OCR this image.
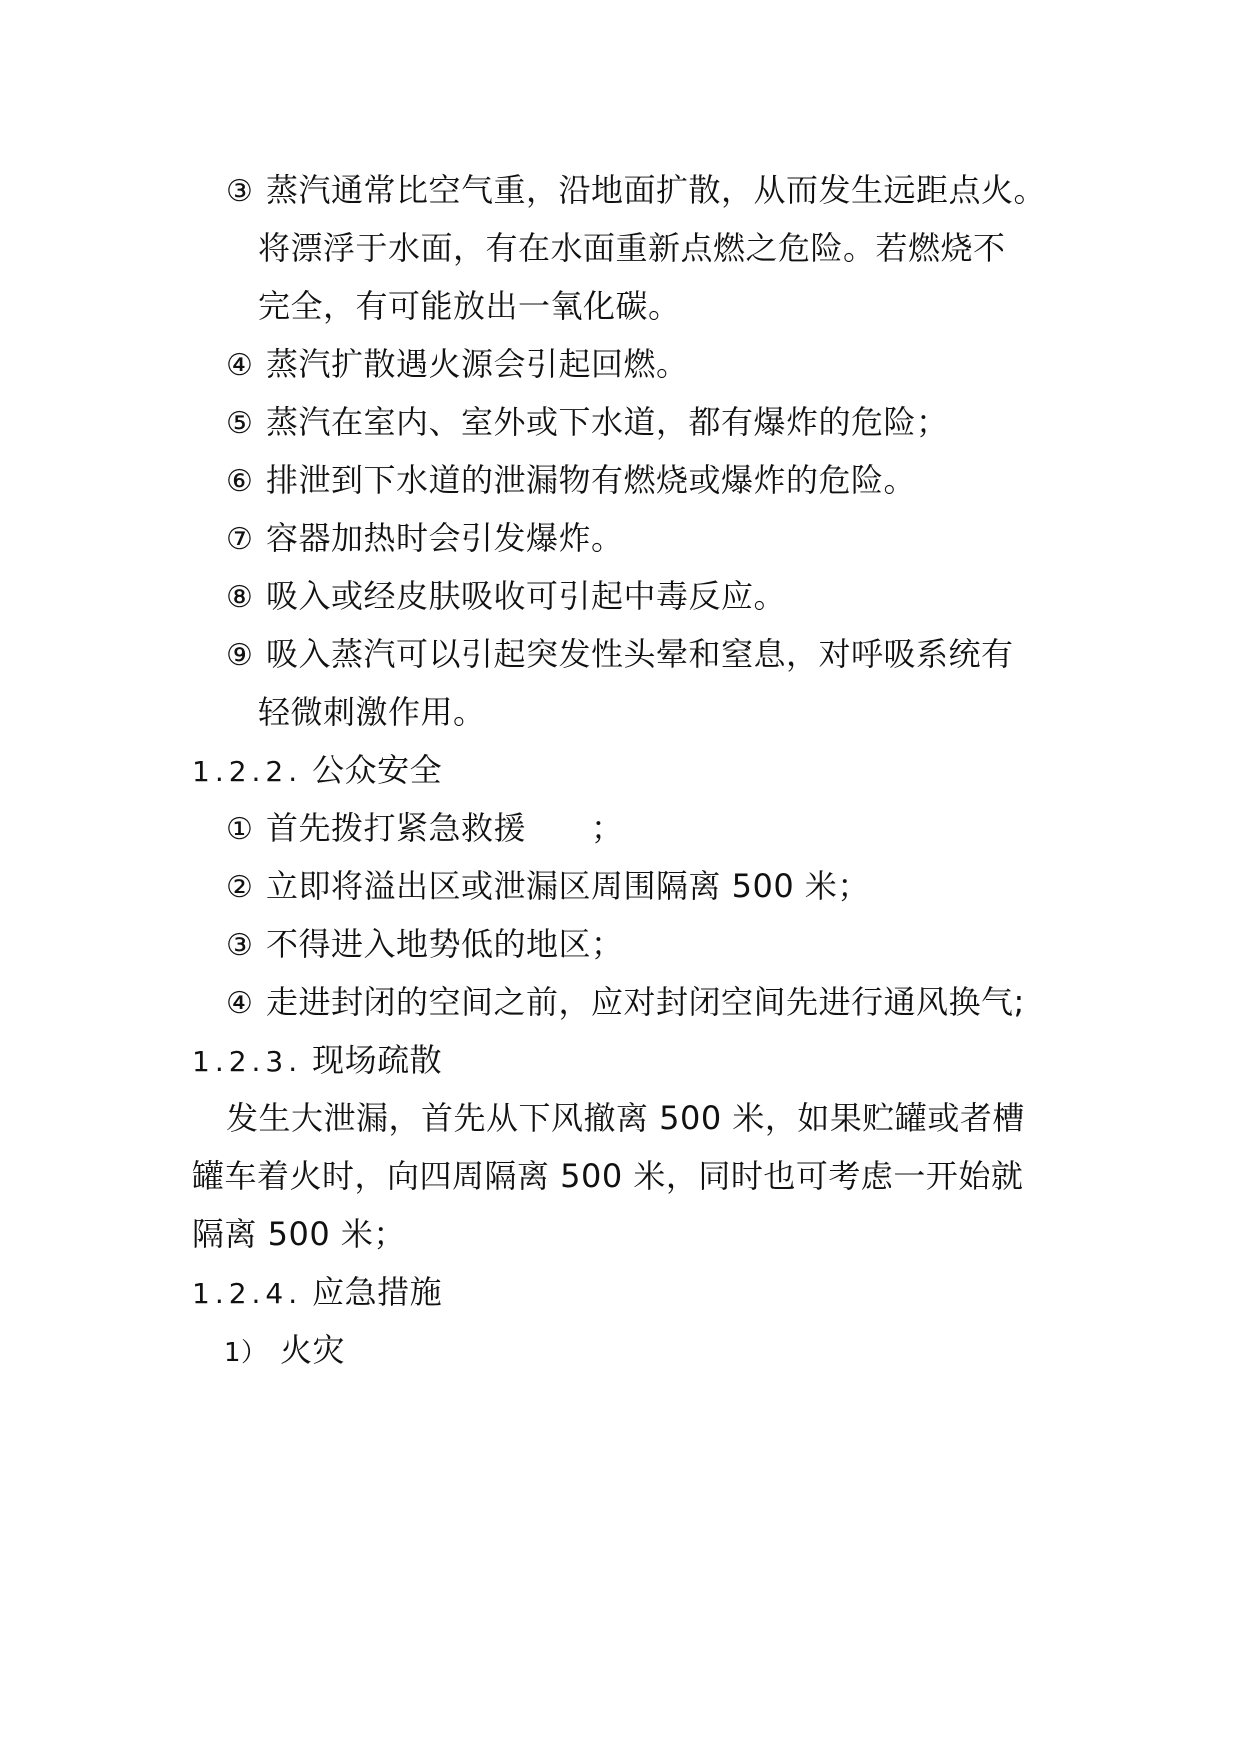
③ 蒸汽通常比空气重，沿地面扩散，从而发生远距点火。
将漂浮于水面，有在水面重新点燃之危险。若燃烧不
完全，有可能放出一氧化碳。
④ 蒸汽扩散遇火源会引起回燃。
⑤ 蒸汽在室内、室外或下水道，都有爆炸的危险；
⑥ 排泄到下水道的泄漏物有燃烧或爆炸的危险。
⑦ 容器加热时会引发爆炸。
⑧ 吸入或经皮肤吸收可引起中毒反应。
⑨ 吸入蒸汽可以引起突发性头晕和窒息，对呼吸系统有
轻微刺激作用。
1.2.2. 公众安全
① 首先拨打紧急救援　　；
② 立即将溢出区或泄漏区周围隔离 500 米；
③ 不得进入地势低的地区；
④ 走进封闭的空间之前，应对封闭空间先进行通风换气;
1.2.3. 现场疏散
发生大泄漏，首先从下风撤离 500 米，如果贮罐或者槽
罐车着火时，向四周隔离 500 米，同时也可考虑一开始就
隔离 500 米；
1.2.4. 应急措施
1） 火灾
